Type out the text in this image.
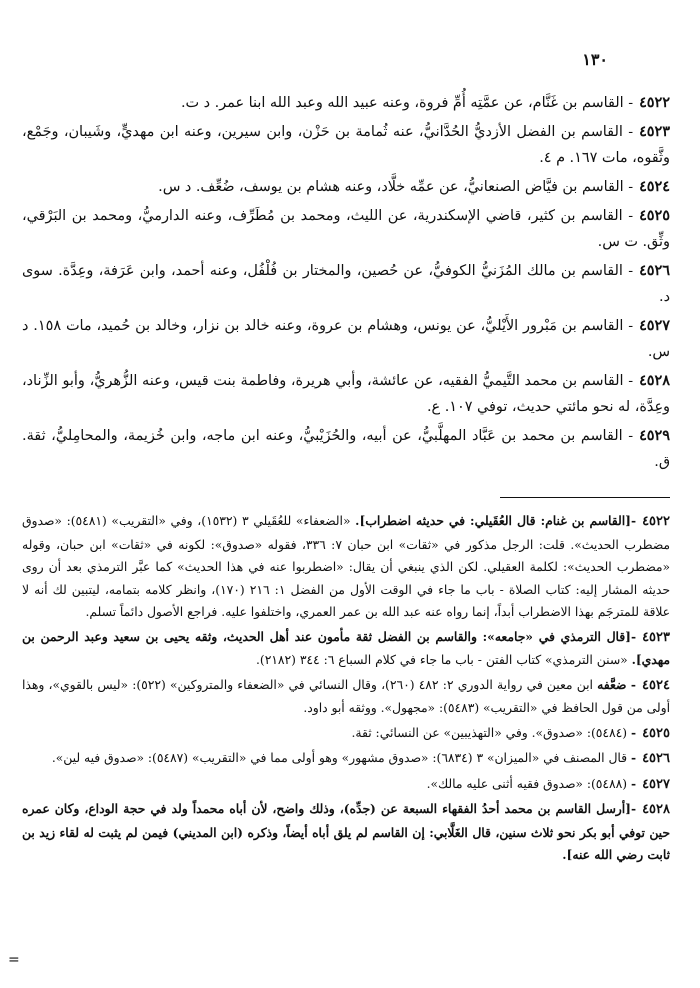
١٣٠

٤٥٢٢- القاسم بن غَنَّام، عن عمَّتِه أُمِّ فروة، وعنه عبيد الله وعبد الله ابنا عمر. د ت.

٤٥٢٣- القاسم بن الفضل الأزديُّ الحُدَّانيُّ، عنه ثُمامة بن حَزْن، وابن سيرين، وعنه ابن مهديٍّ، وشَيبان، وجَمْع، وثَّقوه، مات ١٦٧. م ٤.

٤٥٢٤- القاسم بن فيَّاض الصنعانيُّ، عن عمِّه خلَّاد، وعنه هشام بن يوسف، ضُعِّف. د س.

٤٥٢٥- القاسم بن كثير، قاضي الإسكندرية، عن الليث، ومحمد بن مُطَرِّف، وعنه الدارميُّ، ومحمد بن البَرْقي، وثِّق. ت س.

٤٥٢٦- القاسم بن مالك المُزَنيُّ الكوفيُّ، عن حُصين، والمختار بن فُلْفُل، وعنه أحمد، وابن عَرَفة، وعِدَّة. سوى د.

٤٥٢٧- القاسم بن مَبْرور الأَيْليُّ، عن يونس، وهشام بن عروة، وعنه خالد بن نزار، وخالد بن حُميد، مات ١٥٨. د س.

٤٥٢٨- القاسم بن محمد التَّيميُّ الفقيه، عن عائشة، وأبي هريرة، وفاطمة بنت قيس، وعنه الزُّهريُّ، وأبو الزِّناد، وعِدَّة، له نحو مائتي حديث، توفي ١٠٧. ع.

٤٥٢٩- القاسم بن محمد بن عَبَّاد المهلَّبيُّ، عن أبيه، والحُزَيْبيُّ، وعنه ابن ماجه، وابن خُزيمة، والمحامِليُّ، ثقة. ق.

٤٥٢٢-[القاسم بن غنام: قال العُقَيلي: في حديثه اضطراب]. «الضعفاء» للعُقَيلي ٣ (١٥٣٢)، وفي «التقريب» (٥٤٨١): «صدوق مضطرب الحديث». قلت: الرجل مذكور في «ثقات» ابن حبان ٧: ٣٣٦، فقوله «صدوق»: لكونه في «ثقات» ابن حبان، وقوله «مضطرب الحديث»: لكلمة العقيلي. لكن الذي ينبغي أن يقال: «اضطربوا عنه في هذا الحديث» كما عبَّر الترمذي بعد أن روى حديثه المشار إليه: كتاب الصلاة - باب ما جاء في الوقت الأول من الفضل ١: ٢١٦ (١٧٠)، وانظر كلامه بتمامه، ليتبين لك أنه لا علاقة للمترجَم بهذا الاضطراب أبداً، إنما رواه عنه عبد الله بن عمر العمري، واختلفوا عليه. فراجع الأصول دائماً تسلم.

٤٥٢٣-[قال الترمذي في «جامعه»: والقاسم بن الفضل ثقة مأمون عند أهل الحديث، وثقه يحيى بن سعيد وعبد الرحمن بن مهدي]. «سنن الترمذي» كتاب الفتن - باب ما جاء في كلام السباع ٦: ٣٤٤ (٢١٨٢).

٤٥٢٤- ضعَّفه ابن معين في رواية الدوري ٢: ٤٨٢ (٢٦٠)، وقال النسائي في «الضعفاء والمتروكين» (٥٢٢): «ليس بالقوي»، وهذا أولى من قول الحافظ في «التقريب» (٥٤٨٣): «مجهول». ووثقه أبو داود.

٤٥٢٥- (٥٤٨٤): «صدوق». وفي «التهذيبين» عن النسائي: ثقة.

٤٥٢٦- قال المصنف في «الميزان» ٣ (٦٨٣٤): «صدوق مشهور» وهو أولى مما في «التقريب» (٥٤٨٧): «صدوق فيه لين».

٤٥٢٧- (٥٤٨٨): «صدوق فقيه أثنى عليه مالك».

٤٥٢٨-[أرسل القاسم بن محمد أحدُ الفقهاء السبعة عن (جدِّه)، وذلك واضح، لأن أباه محمداً ولد في حجة الوداع، وكان عمره حين توفي أبو بكر نحو ثلاث سنين، قال الغَلَّابي: إن القاسم لم يلق أباه أيضاً، وذكره (ابن المديني) فيمن لم يثبت له لقاء زيد بن ثابت رضي الله عنه].

=
